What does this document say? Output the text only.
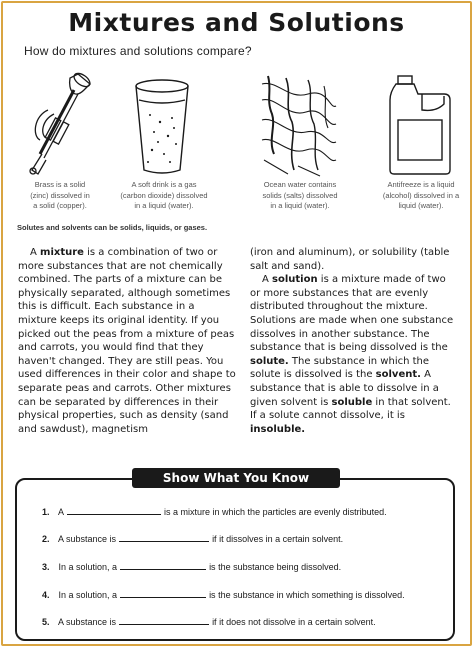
Mixtures and Solutions
How do mixtures and solutions compare?
Brass is a solid
(zinc) dissolved in
a solid (copper).
A soft drink is a gas
(carbon dioxide) dissolved
in a liquid (water).
Ocean water contains
solids (salts) dissolved
in a liquid (water).
Antifreeze is a liquid
(alcohol) dissolved in a
liquid (water).
Solutes and solvents can be solids, liquids, or gases.

A mixture is a combination of two or more substances that are not chemically combined. The parts of a mixture can be physically separated, although sometimes this is difficult. Each substance in a mixture keeps its original identity. If you picked out the peas from a mixture of peas and carrots, you would find that they haven't changed. They are still peas. You used differences in their color and shape to separate peas and carrots. Other mixtures can be separated by differences in their physical properties, such as density (sand and sawdust), magnetism

(iron and aluminum), or solubility (table salt and sand).

A solution is a mixture made of two or more substances that are evenly distributed throughout the mixture. Solutions are made when one substance dissolves in another substance. The substance that is being dissolved is the solute. The substance in which the solute is dissolved is the solvent. A substance that is able to dissolve in a given solvent is soluble in that solvent. If a solute cannot dissolve, it is insoluble.

Show What You Know
1. A	is a mixture in which the particles are evenly distributed.
2. A substance is	if it dissolves in a certain solvent.
3. In a solution, a	is the substance being dissolved.
4. In a solution, a	is the substance in which something is dissolved.
5. A substance is	if it does not dissolve in a certain solvent.
